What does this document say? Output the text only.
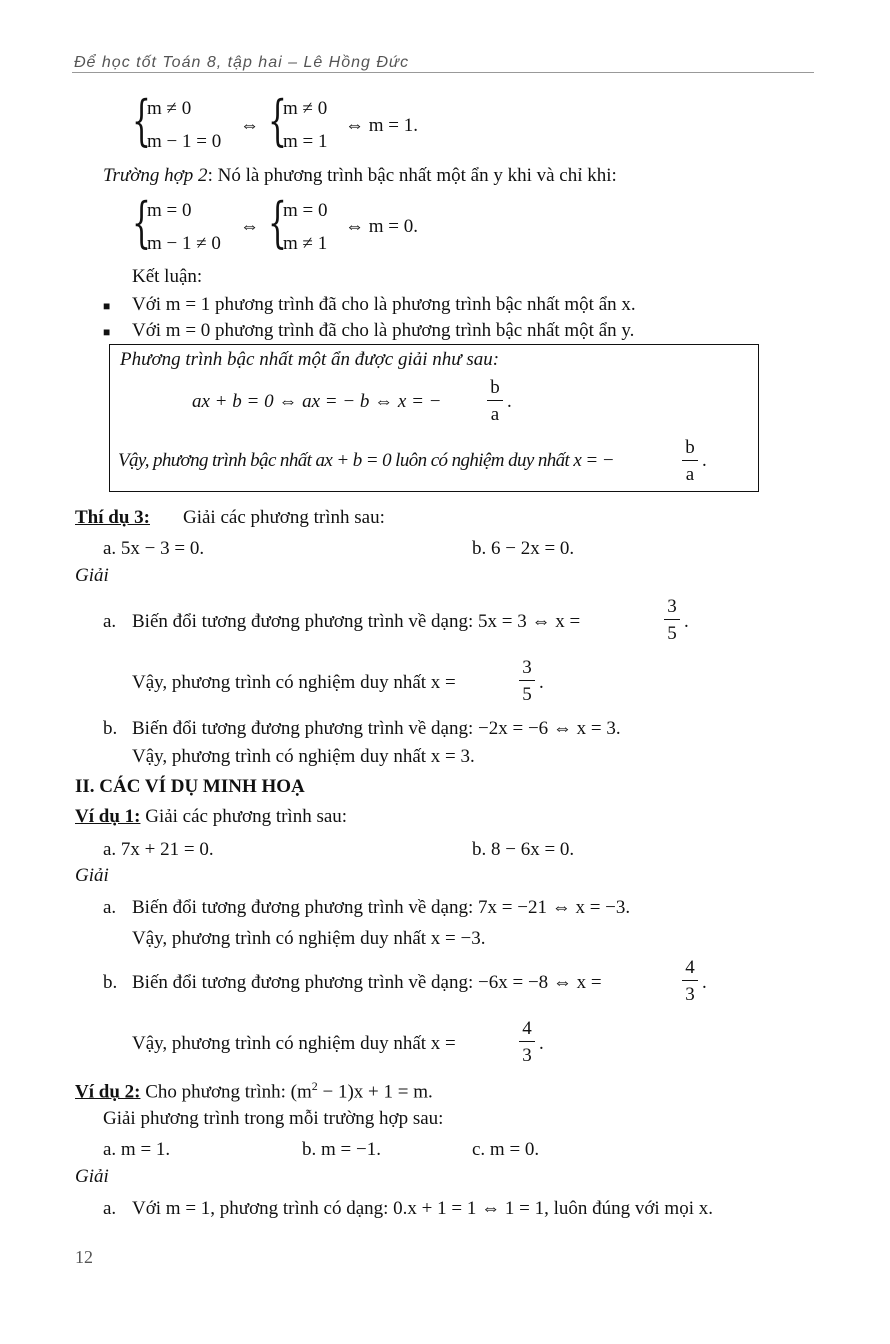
Để học tốt Toán 8, tập hai – Lê Hồng Đức
{
m ≠ 0
m − 1 = 0
⇔ {
m ≠ 0
m = 1
⇔ m = 1.
Trường hợp 2: Nó là phương trình bậc nhất một ẩn y khi và chỉ khi:
{
m = 0
m − 1 ≠ 0
⇔ {
m = 0
m ≠ 1
⇔ m = 0.
Kết luận:
■ Với m = 1 phương trình đã cho là phương trình bậc nhất một ẩn x.
■ Với m = 0 phương trình đã cho là phương trình bậc nhất một ẩn y.
Phương trình bậc nhất một ẩn được giải như sau:
ax + b = 0 ⇔ ax = − b ⇔ x = −
b
a
.
Vậy, phương trình bậc nhất ax + b = 0 luôn có nghiệm duy nhất x = −
b
a
.
Thí dụ 3: Giải các phương trình sau:
a. 5x − 3 = 0.	b. 6 − 2x = 0.
Giải
a. Biến đổi tương đương phương trình về dạng: 5x = 3 ⇔ x =
3
5
.
Vậy, phương trình có nghiệm duy nhất x =
3
5
.
b. Biến đổi tương đương phương trình về dạng: −2x = −6 ⇔ x = 3.
Vậy, phương trình có nghiệm duy nhất x = 3.
II. CÁC VÍ DỤ MINH HOẠ
Ví dụ 1: Giải các phương trình sau:
a. 7x + 21 = 0.	b. 8 − 6x = 0.
Giải
a. Biến đổi tương đương phương trình về dạng: 7x = −21 ⇔ x = −3.
Vậy, phương trình có nghiệm duy nhất x = −3.
b. Biến đổi tương đương phương trình về dạng: −6x = −8 ⇔ x =
4
3
.
Vậy, phương trình có nghiệm duy nhất x =
4
3
.
Ví dụ 2: Cho phương trình: $(m^2 - 1)x + 1 = m$.
Giải phương trình trong mỗi trường hợp sau:
a. m = 1.	b. m = −1.	c. m = 0.
Giải
a. Với m = 1, phương trình có dạng: 0.x + 1 = 1 ⇔ 1 = 1, luôn đúng với mọi x.
12
